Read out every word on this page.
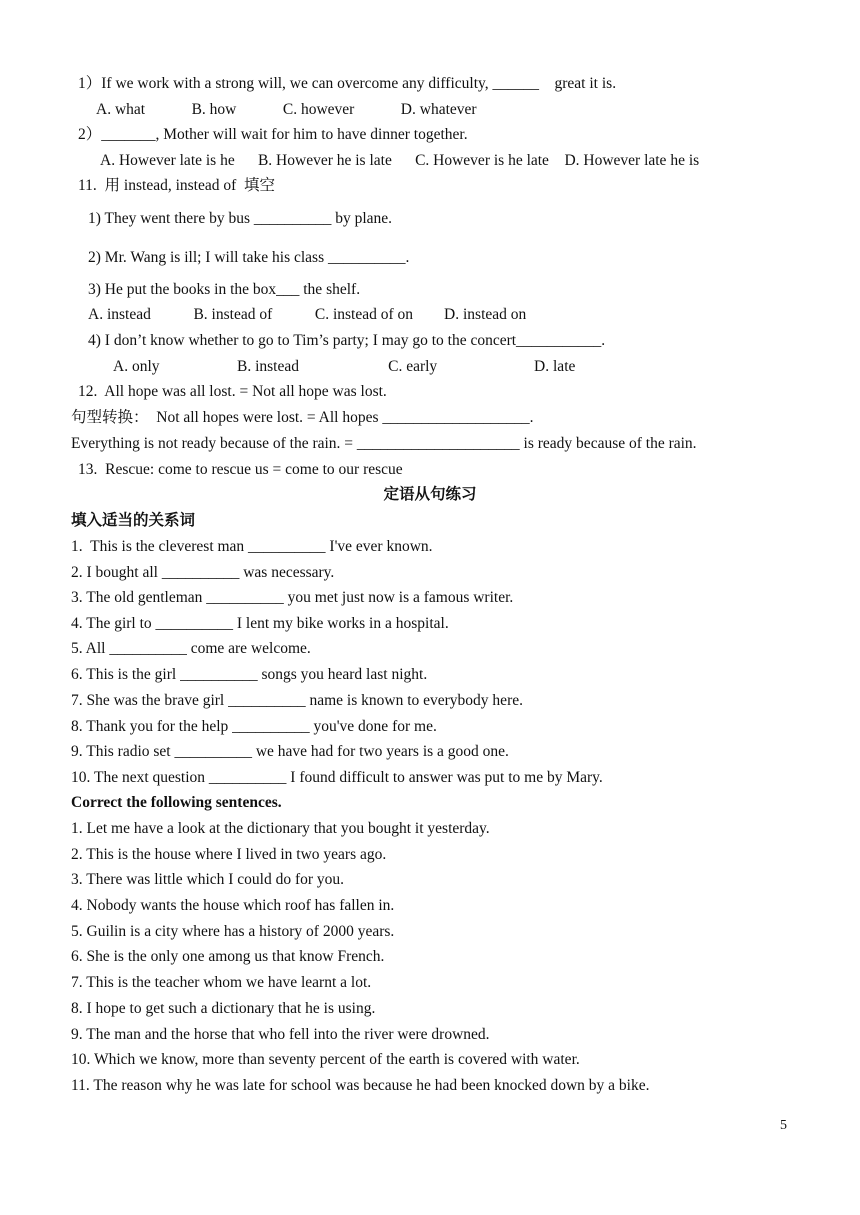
1）If we work with a strong will, we can overcome any difficulty, ______    great it is.
A. what            B. how            C. however            D. whatever
2）_______, Mother will wait for him to have dinner together.
A. However late is he      B. However he is late      C. However is he late    D. However late he is
11.  用 instead, instead of  填空
1) They went there by bus __________ by plane.
2) Mr. Wang is ill; I will take his class __________.
3) He put the books in the box___ the shelf.
A. instead           B. instead of           C. instead of on        D. instead on
4) I don’t know whether to go to Tim’s party; I may go to the concert___________.
A. only                    B. instead                       C. early                         D. late
12.  All hope was all lost. = Not all hope was lost.
句型转换：  Not all hopes were lost. = All hopes ___________________.
Everything is not ready because of the rain. = _____________________ is ready because of the rain.
13.  Rescue: come to rescue us = come to our rescue
定语从句练习
填入适当的关系词
1.  This is the cleverest man __________ I've ever known.
2. I bought all __________ was necessary.
3. The old gentleman __________ you met just now is a famous writer.
4. The girl to __________ I lent my bike works in a hospital.
5. All __________ come are welcome.
6. This is the girl __________ songs you heard last night.
7. She was the brave girl __________ name is known to everybody here.
8. Thank you for the help __________ you've done for me.
9. This radio set __________ we have had for two years is a good one.
10. The next question __________ I found difficult to answer was put to me by Mary.
Correct the following sentences.
1. Let me have a look at the dictionary that you bought it yesterday.
2. This is the house where I lived in two years ago.
3. There was little which I could do for you.
4. Nobody wants the house which roof has fallen in.
5. Guilin is a city where has a history of 2000 years.
6. She is the only one among us that know French.
7. This is the teacher whom we have learnt a lot.
8. I hope to get such a dictionary that he is using.
9. The man and the horse that who fell into the river were drowned.
10. Which we know, more than seventy percent of the earth is covered with water.
11. The reason why he was late for school was because he had been knocked down by a bike.
5
